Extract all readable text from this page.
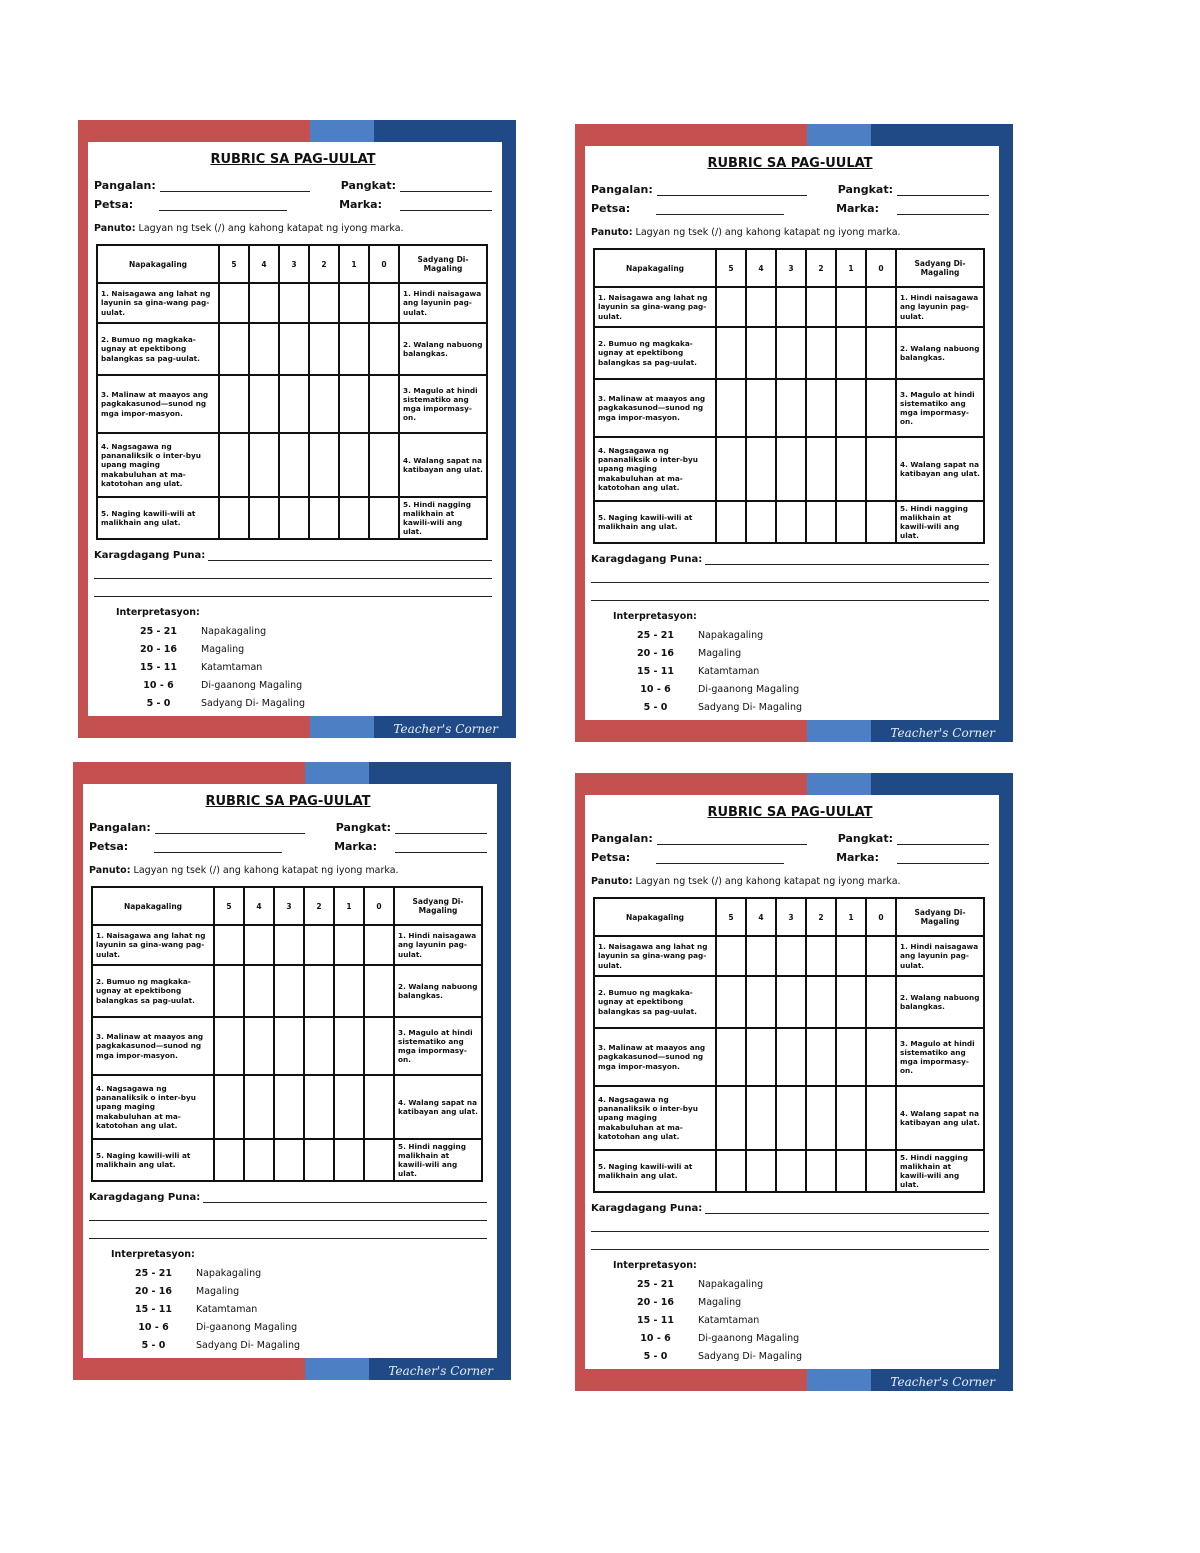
Teacher's Corner
RUBRIC SA PAG-UULAT
Pangalan:	Pangkat:
Petsa:	Marka:
Panuto: Lagyan ng tsek (/) ang kahong katapat ng iyong marka.
Napakagaling	5	4	3	2	1	0	Sadyang Di-Magaling
1. Naisagawa ang lahat ng layunin sa gina-wang pag-uulat.							1. Hindi naisagawa ang layunin pag-uulat.
2. Bumuo ng magkaka-ugnay at epektibong balangkas sa pag-uulat.							2. Walang nabuong balangkas.
3. Malinaw at maayos ang pagkakasunod—sunod ng mga impor-masyon.							3. Magulo at hindi sistematiko ang mga impormasy-on.
4. Nagsagawa ng pananaliksik o inter-byu upang maging makabuluhan at ma-katotohan ang ulat.							4. Walang sapat na katibayan ang ulat.
5. Naging kawili-wili at malikhain ang ulat.							5. Hindi nagging malikhain at kawili-wili ang ulat.
Karagdagang Puna:
Interpretasyon:
25 - 21	Napakagaling
20 - 16	Magaling
15 - 11	Katamtaman
10 - 6	Di-gaanong Magaling
5 - 0	Sadyang Di- Magaling
Teacher's Corner
RUBRIC SA PAG-UULAT
Pangalan:	Pangkat:
Petsa:	Marka:
Panuto: Lagyan ng tsek (/) ang kahong katapat ng iyong marka.
Napakagaling	5	4	3	2	1	0	Sadyang Di-Magaling
1. Naisagawa ang lahat ng layunin sa gina-wang pag-uulat.							1. Hindi naisagawa ang layunin pag-uulat.
2. Bumuo ng magkaka-ugnay at epektibong balangkas sa pag-uulat.							2. Walang nabuong balangkas.
3. Malinaw at maayos ang pagkakasunod—sunod ng mga impor-masyon.							3. Magulo at hindi sistematiko ang mga impormasy-on.
4. Nagsagawa ng pananaliksik o inter-byu upang maging makabuluhan at ma-katotohan ang ulat.							4. Walang sapat na katibayan ang ulat.
5. Naging kawili-wili at malikhain ang ulat.							5. Hindi nagging malikhain at kawili-wili ang ulat.
Karagdagang Puna:
Interpretasyon:
25 - 21	Napakagaling
20 - 16	Magaling
15 - 11	Katamtaman
10 - 6	Di-gaanong Magaling
5 - 0	Sadyang Di- Magaling
Teacher's Corner
RUBRIC SA PAG-UULAT
Pangalan:	Pangkat:
Petsa:	Marka:
Panuto: Lagyan ng tsek (/) ang kahong katapat ng iyong marka.
Napakagaling	5	4	3	2	1	0	Sadyang Di-Magaling
1. Naisagawa ang lahat ng layunin sa gina-wang pag-uulat.							1. Hindi naisagawa ang layunin pag-uulat.
2. Bumuo ng magkaka-ugnay at epektibong balangkas sa pag-uulat.							2. Walang nabuong balangkas.
3. Malinaw at maayos ang pagkakasunod—sunod ng mga impor-masyon.							3. Magulo at hindi sistematiko ang mga impormasy-on.
4. Nagsagawa ng pananaliksik o inter-byu upang maging makabuluhan at ma-katotohan ang ulat.							4. Walang sapat na katibayan ang ulat.
5. Naging kawili-wili at malikhain ang ulat.							5. Hindi nagging malikhain at kawili-wili ang ulat.
Karagdagang Puna:
Interpretasyon:
25 - 21	Napakagaling
20 - 16	Magaling
15 - 11	Katamtaman
10 - 6	Di-gaanong Magaling
5 - 0	Sadyang Di- Magaling
Teacher's Corner
RUBRIC SA PAG-UULAT
Pangalan:	Pangkat:
Petsa:	Marka:
Panuto: Lagyan ng tsek (/) ang kahong katapat ng iyong marka.
Napakagaling	5	4	3	2	1	0	Sadyang Di-Magaling
1. Naisagawa ang lahat ng layunin sa gina-wang pag-uulat.							1. Hindi naisagawa ang layunin pag-uulat.
2. Bumuo ng magkaka-ugnay at epektibong balangkas sa pag-uulat.							2. Walang nabuong balangkas.
3. Malinaw at maayos ang pagkakasunod—sunod ng mga impor-masyon.							3. Magulo at hindi sistematiko ang mga impormasy-on.
4. Nagsagawa ng pananaliksik o inter-byu upang maging makabuluhan at ma-katotohan ang ulat.							4. Walang sapat na katibayan ang ulat.
5. Naging kawili-wili at malikhain ang ulat.							5. Hindi nagging malikhain at kawili-wili ang ulat.
Karagdagang Puna:
Interpretasyon:
25 - 21	Napakagaling
20 - 16	Magaling
15 - 11	Katamtaman
10 - 6	Di-gaanong Magaling
5 - 0	Sadyang Di- Magaling
